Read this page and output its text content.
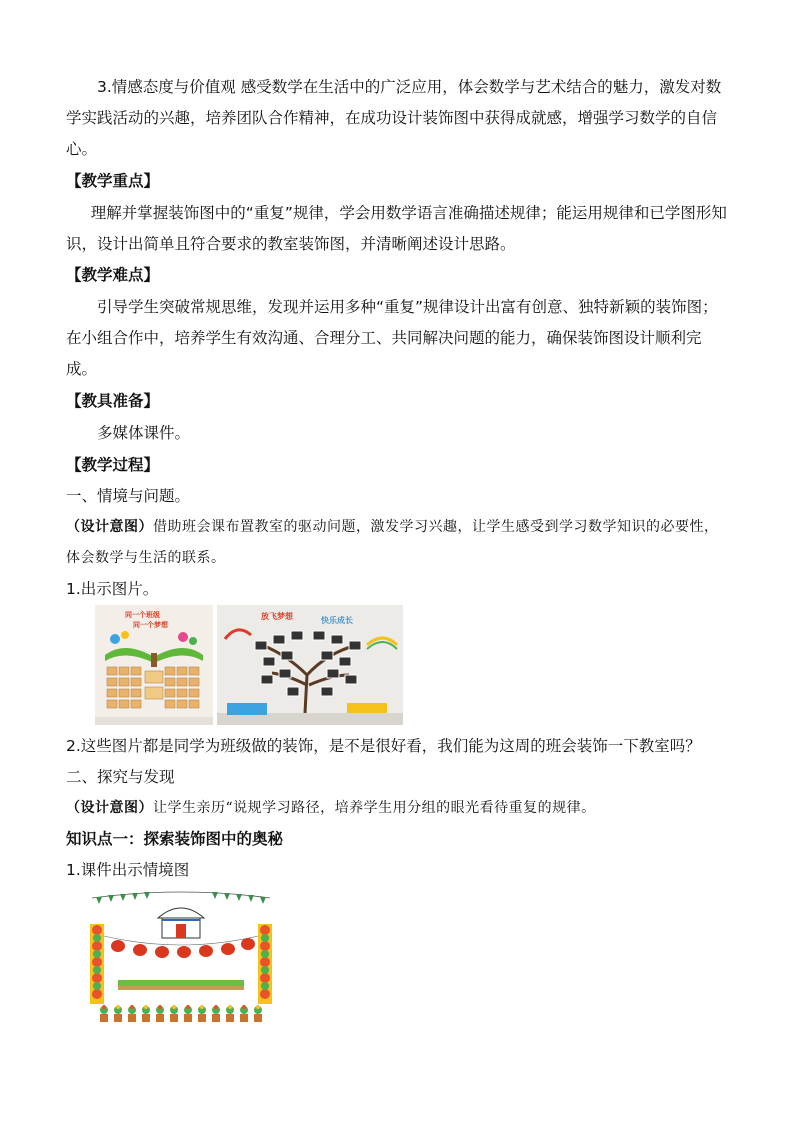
3.情感态度与价值观 感受数学在生活中的广泛应用，体会数学与艺术结合的魅力，激发对数学实践活动的兴趣，培养团队合作精神，在成功设计装饰图中获得成就感，增强学习数学的自信心。
【教学重点】
理解并掌握装饰图中的“重复”规律，学会用数学语言准确描述规律；能运用规律和已学图形知识，设计出简单且符合要求的教室装饰图，并清晰阐述设计思路。
【教学难点】
引导学生突破常规思维，发现并运用多种“重复”规律设计出富有创意、独特新颖的装饰图；在小组合作中，培养学生有效沟通、合理分工、共同解决问题的能力，确保装饰图设计顺利完成。
【教具准备】
多媒体课件。
【教学过程】
一、情境与问题。
（设计意图）借助班会课布置教室的驱动问题，激发学习兴趣，让学生感受到学习数学知识的必要性，体会数学与生活的联系。
1.出示图片。
同一个班级
同一个梦想
放飞梦想	快乐成长
2.这些图片都是同学为班级做的装饰，是不是很好看，我们能为这周的班会装饰一下教室吗？
二、探究与发现
（设计意图）让学生亲历“说规学习路径，培养学生用分组的眼光看待重复的规律。
知识点一：探索装饰图中的奥秘
1.课件出示情境图
